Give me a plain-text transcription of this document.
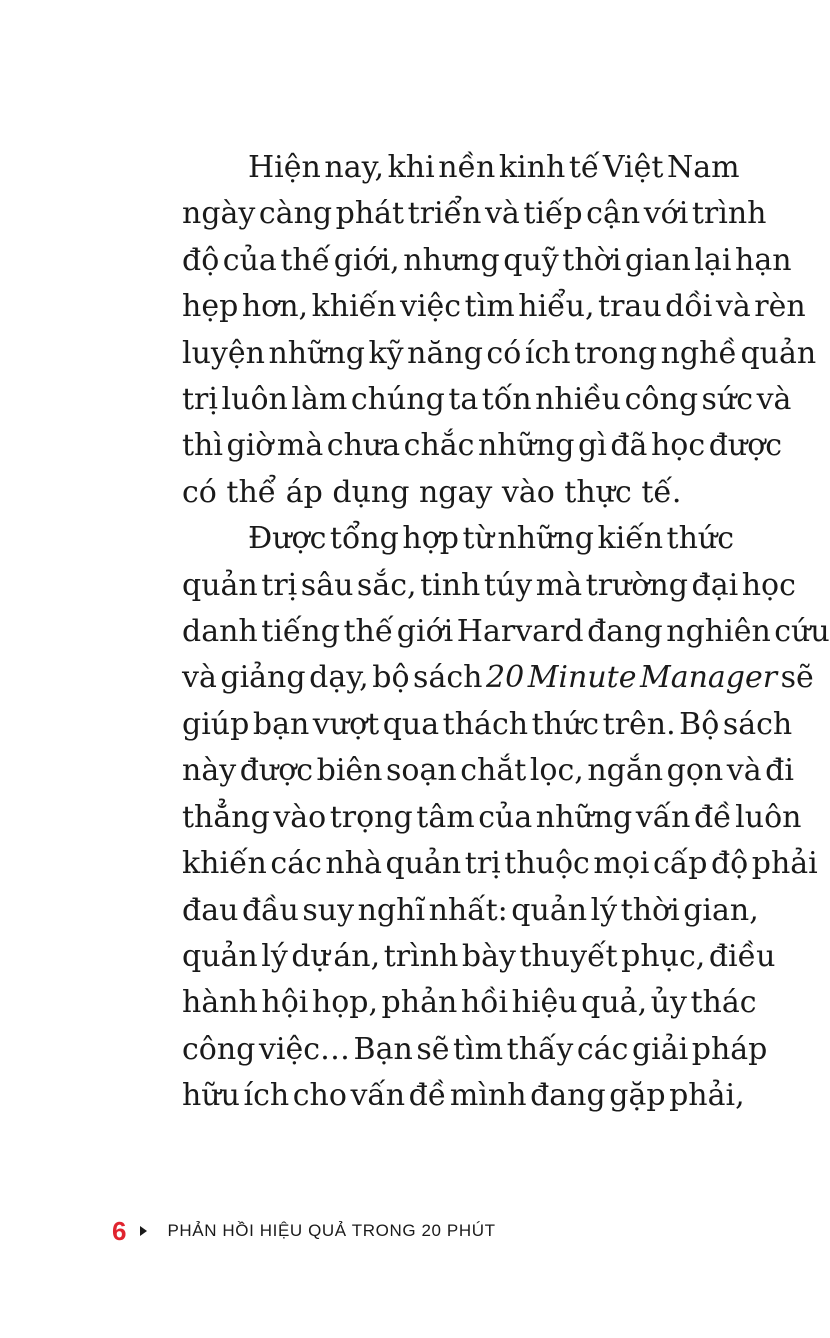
Hiện nay, khi nền kinh tế Việt Nam
ngày càng phát triển và tiếp cận với trình
độ của thế giới, nhưng quỹ thời gian lại hạn
hẹp hơn, khiến việc tìm hiểu, trau dồi và rèn
luyện những kỹ năng có ích trong nghề quản
trị luôn làm chúng ta tốn nhiều công sức và
thì giờ mà chưa chắc những gì đã học được
có thể áp dụng ngay vào thực tế.
Được tổng hợp từ những kiến thức
quản trị sâu sắc, tinh túy mà trường đại học
danh tiếng thế giới Harvard đang nghiên cứu
và giảng dạy, bộ sách 20 Minute Manager sẽ
giúp bạn vượt qua thách thức trên. Bộ sách
này được biên soạn chắt lọc, ngắn gọn và đi
thẳng vào trọng tâm của những vấn đề luôn
khiến các nhà quản trị thuộc mọi cấp độ phải
đau đầu suy nghĩ nhất: quản lý thời gian,
quản lý dự án, trình bày thuyết phục, điều
hành hội họp, phản hồi hiệu quả, ủy thác
công việc… Bạn sẽ tìm thấy các giải pháp
hữu ích cho vấn đề mình đang gặp phải,
6 PHẢN HỒI HIỆU QUẢ TRONG 20 PHÚT
